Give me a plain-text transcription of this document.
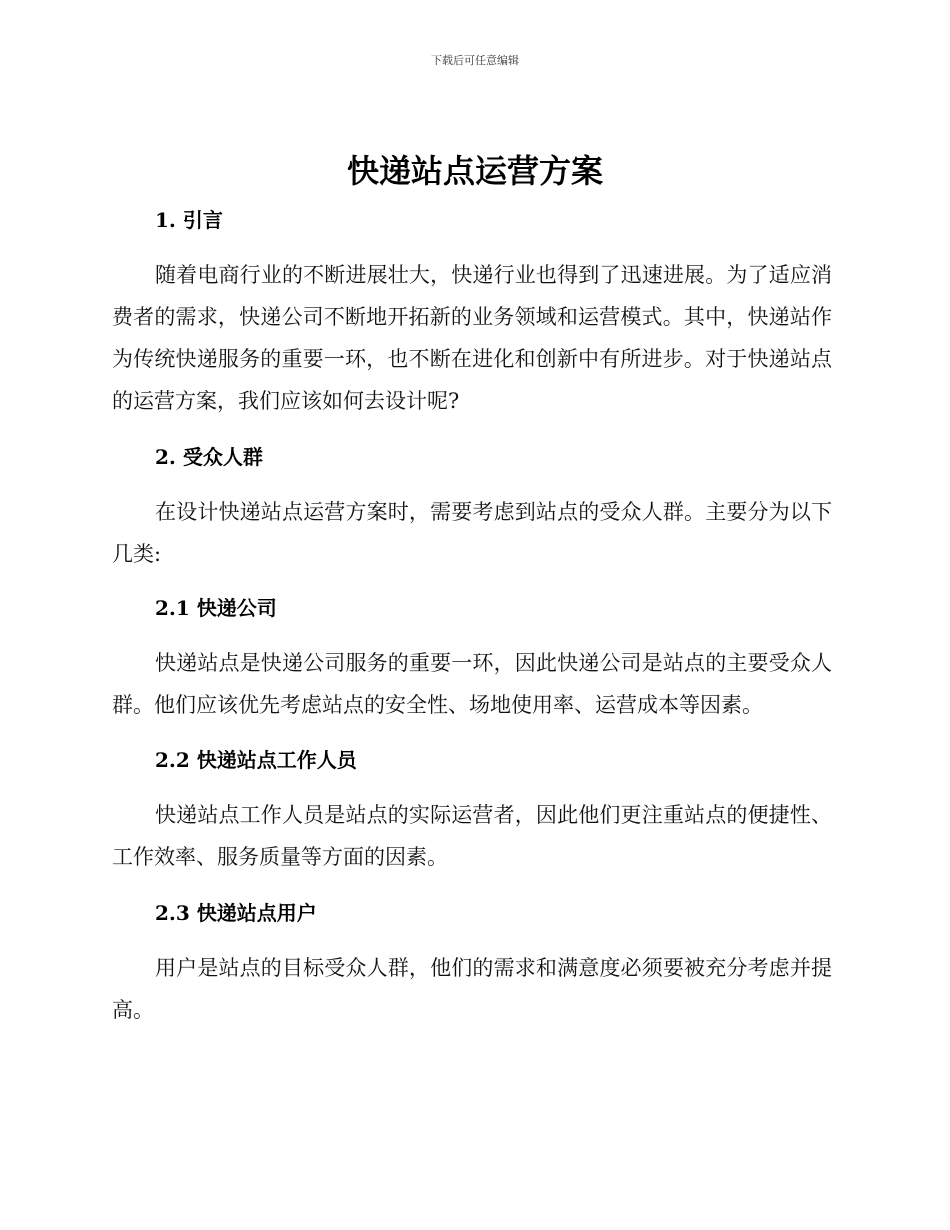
下载后可任意编辑
快递站点运营方案
1. 引言
随着电商行业的不断进展壮大，快递行业也得到了迅速进展。为了适应消费者的需求，快递公司不断地开拓新的业务领域和运营模式。其中，快递站作为传统快递服务的重要一环，也不断在进化和创新中有所进步。对于快递站点的运营方案，我们应该如何去设计呢?
2. 受众人群
在设计快递站点运营方案时，需要考虑到站点的受众人群。主要分为以下几类:
2.1 快递公司
快递站点是快递公司服务的重要一环，因此快递公司是站点的主要受众人群。他们应该优先考虑站点的安全性、场地使用率、运营成本等因素。
2.2 快递站点工作人员
快递站点工作人员是站点的实际运营者，因此他们更注重站点的便捷性、工作效率、服务质量等方面的因素。
2.3 快递站点用户
用户是站点的目标受众人群，他们的需求和满意度必须要被充分考虑并提高。
